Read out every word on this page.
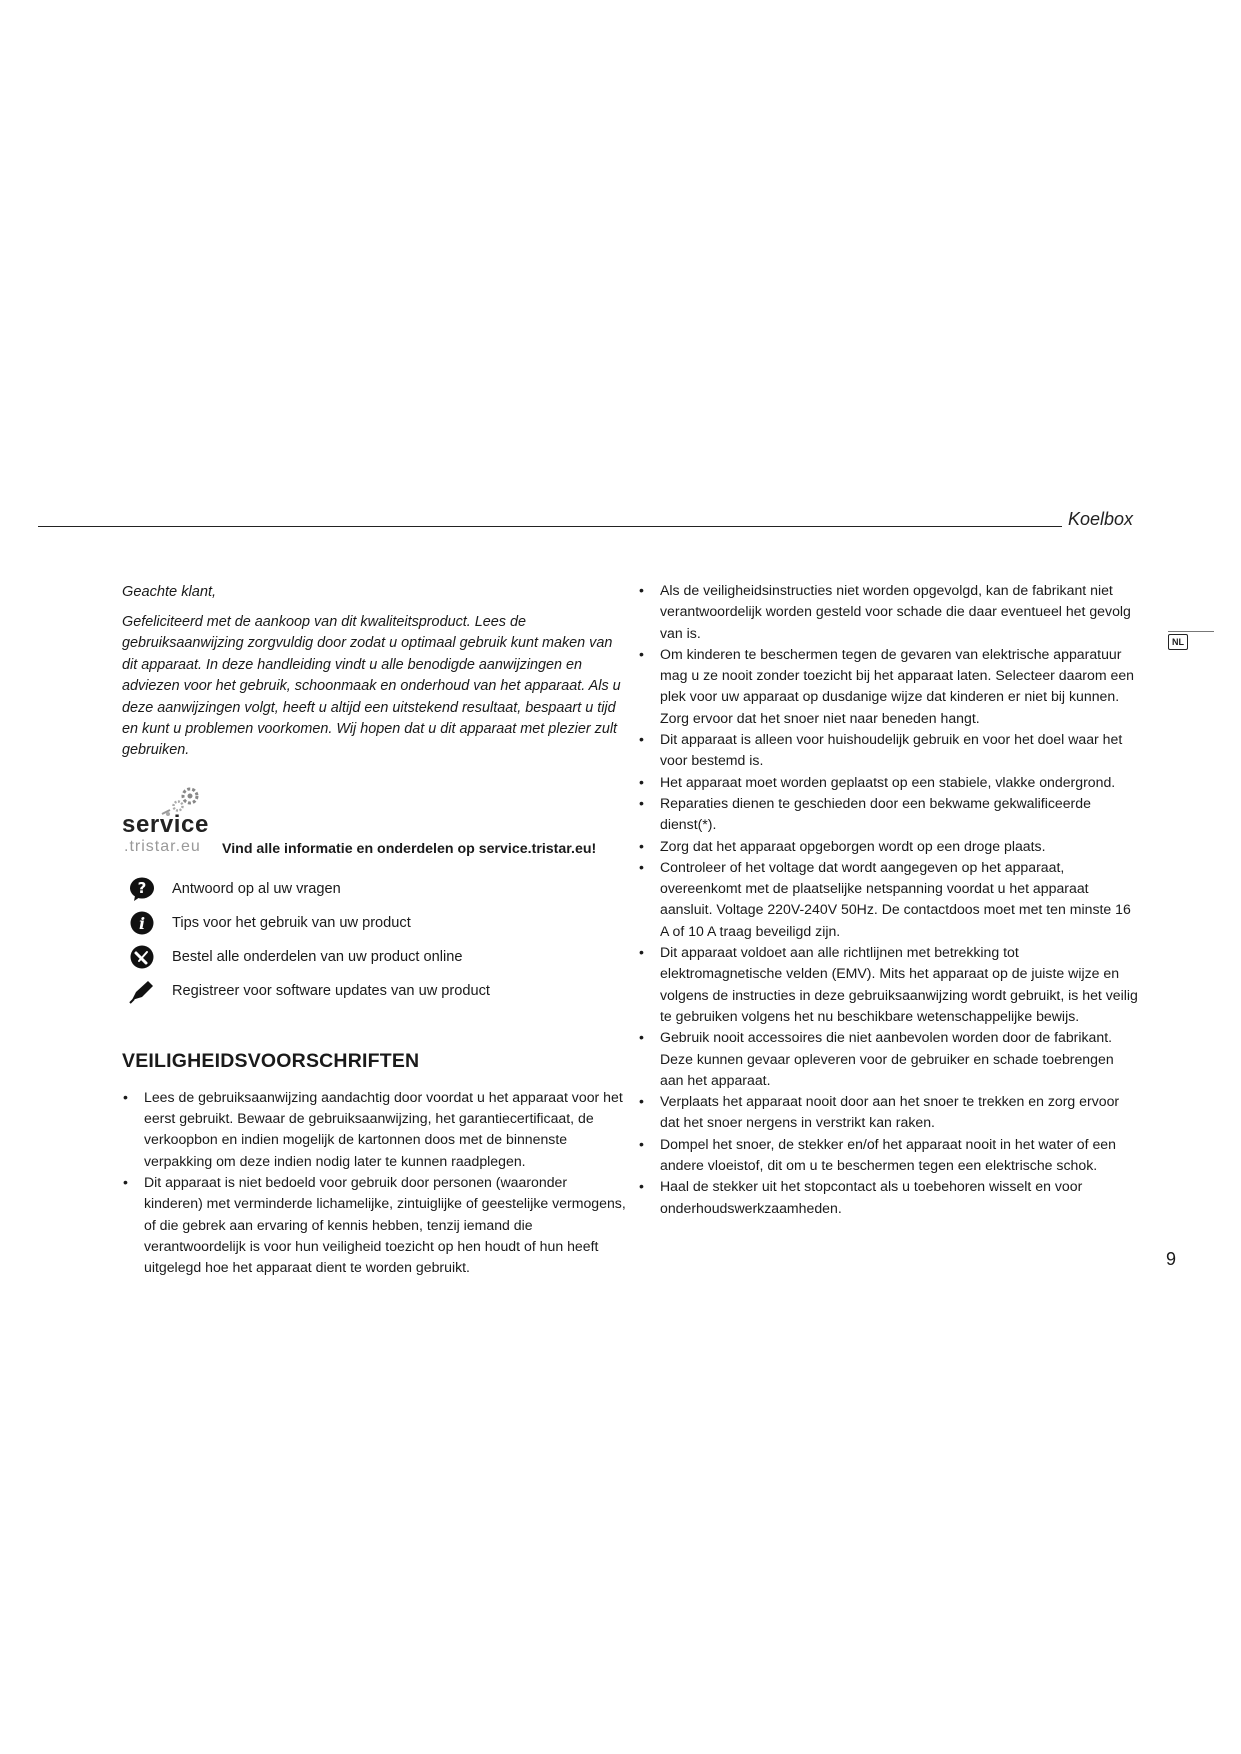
Koelbox
NL

Geachte klant,

Gefeliciteerd met de aankoop van dit kwaliteitsproduct. Lees de gebruiksaanwijzing zorgvuldig door zodat u optimaal gebruik kunt maken van dit apparaat. In deze handleiding vindt u alle benodigde aanwijzingen en adviezen voor het gebruik, schoonmaak en onderhoud van het apparaat. Als u deze aanwijzingen volgt, heeft u altijd een uitstekend resultaat, bespaart u tijd en kunt u problemen voorkomen. Wij hopen dat u dit apparaat met plezier zult gebruiken.

service
.tristar.eu Vind alle informatie en onderdelen op service.tristar.eu!
? Antwoord op al uw vragen
i Tips voor het gebruik van uw product
Bestel alle onderdelen van uw product online
Registreer voor software updates van uw product
VEILIGHEIDSVOORSCHRIFTEN
• Lees de gebruiksaanwijzing aandachtig door voordat u het apparaat voor het eerst gebruikt. Bewaar de gebruiksaanwijzing, het garantiecertificaat, de verkoopbon en indien mogelijk de kartonnen doos met de binnenste verpakking om deze indien nodig later te kunnen raadplegen.
• Dit apparaat is niet bedoeld voor gebruik door personen (waaronder kinderen) met verminderde lichamelijke, zintuiglijke of geestelijke vermogens, of die gebrek aan ervaring of kennis hebben, tenzij iemand die verantwoordelijk is voor hun veiligheid toezicht op hen houdt of hun heeft uitgelegd hoe het apparaat dient te worden gebruikt.
• Als de veiligheidsinstructies niet worden opgevolgd, kan de fabrikant niet verantwoordelijk worden gesteld voor schade die daar eventueel het gevolg van is.
• Om kinderen te beschermen tegen de gevaren van elektrische apparatuur mag u ze nooit zonder toezicht bij het apparaat laten. Selecteer daarom een plek voor uw apparaat op dusdanige wijze dat kinderen er niet bij kunnen. Zorg ervoor dat het snoer niet naar beneden hangt.
• Dit apparaat is alleen voor huishoudelijk gebruik en voor het doel waar het voor bestemd is.
• Het apparaat moet worden geplaatst op een stabiele, vlakke ondergrond.
• Reparaties dienen te geschieden door een bekwame gekwalificeerde dienst(*).
• Zorg dat het apparaat opgeborgen wordt op een droge plaats.
• Controleer of het voltage dat wordt aangegeven op het apparaat, overeenkomt met de plaatselijke netspanning voordat u het apparaat aansluit. Voltage 220V-240V 50Hz. De contactdoos moet met ten minste 16 A of 10 A traag beveiligd zijn.
• Dit apparaat voldoet aan alle richtlijnen met betrekking tot elektromagnetische velden (EMV). Mits het apparaat op de juiste wijze en volgens de instructies in deze gebruiksaanwijzing wordt gebruikt, is het veilig te gebruiken volgens het nu beschikbare wetenschappelijke bewijs.
• Gebruik nooit accessoires die niet aanbevolen worden door de fabrikant. Deze kunnen gevaar opleveren voor de gebruiker en schade toebrengen aan het apparaat.
• Verplaats het apparaat nooit door aan het snoer te trekken en zorg ervoor dat het snoer nergens in verstrikt kan raken.
• Dompel het snoer, de stekker en/of het apparaat nooit in het water of een andere vloeistof, dit om u te beschermen tegen een elektrische schok.
• Haal de stekker uit het stopcontact als u toebehoren wisselt en voor onderhoudswerkzaamheden.
9
